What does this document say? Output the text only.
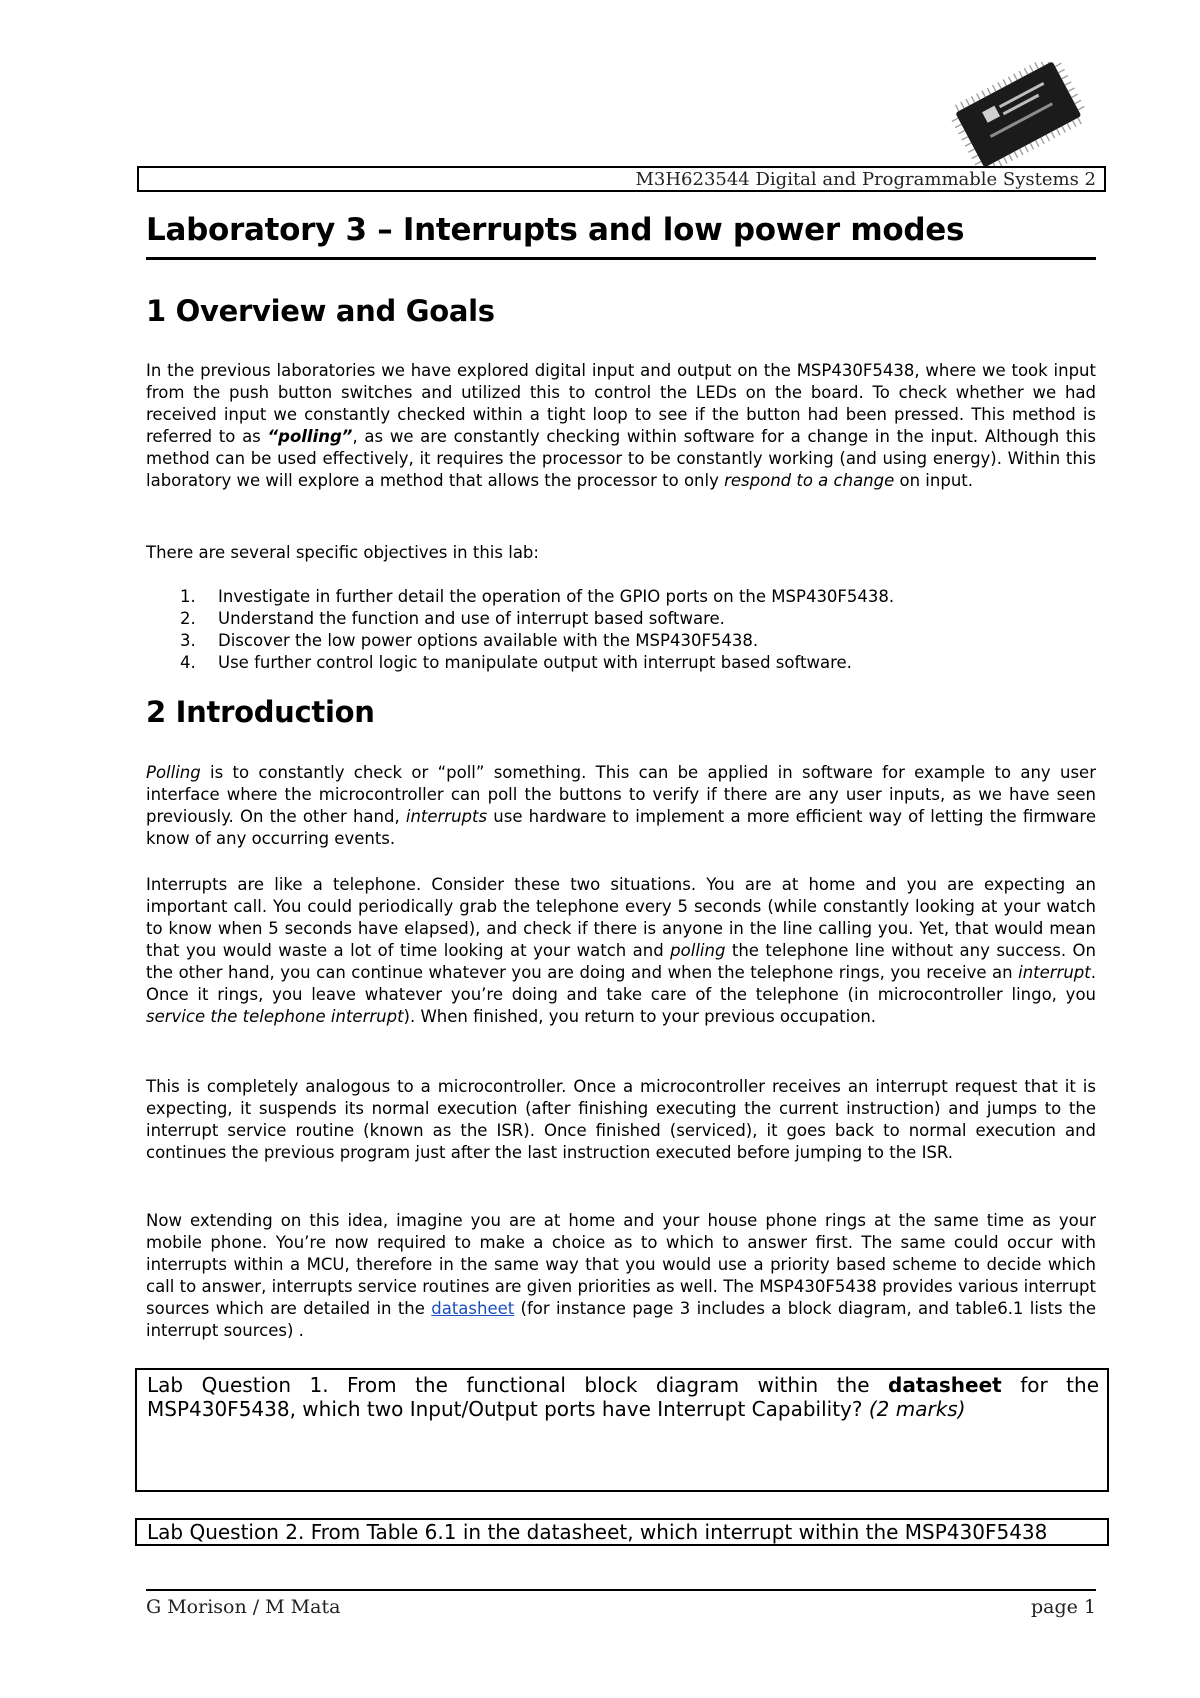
M3H623544 Digital and Programmable Systems 2
Laboratory 3 – Interrupts and low power modes
1 Overview and Goals

In the previous laboratories we have explored digital input and output on the MSP430F5438, where we took input from the push button switches and utilized this to control the LEDs on the board. To check whether we had received input we constantly checked within a tight loop to see if the button had been pressed. This method is referred to as “polling”, as we are constantly checking within software for a change in the input. Although this method can be used effectively, it requires the processor to be constantly working (and using energy). Within this laboratory we will explore a method that allows the processor to only respond to a change on input.

There are several specific objectives in this lab:

1. Investigate in further detail the operation of the GPIO ports on the MSP430F5438.
2. Understand the function and use of interrupt based software.
3. Discover the low power options available with the MSP430F5438.
4. Use further control logic to manipulate output with interrupt based software.
2 Introduction

Polling is to constantly check or “poll” something. This can be applied in software for example to any user interface where the microcontroller can poll the buttons to verify if there are any user inputs, as we have seen previously. On the other hand, interrupts use hardware to implement a more efficient way of letting the firmware know of any occurring events.

Interrupts are like a telephone. Consider these two situations. You are at home and you are expecting an important call. You could periodically grab the telephone every 5 seconds (while constantly looking at your watch to know when 5 seconds have elapsed), and check if there is anyone in the line calling you. Yet, that would mean that you would waste a lot of time looking at your watch and polling the telephone line without any success. On the other hand, you can continue whatever you are doing and when the telephone rings, you receive an interrupt. Once it rings, you leave whatever you’re doing and take care of the telephone (in microcontroller lingo, you service the telephone interrupt). When finished, you return to your previous occupation.

This is completely analogous to a microcontroller. Once a microcontroller receives an interrupt request that it is expecting, it suspends its normal execution (after finishing executing the current instruction) and jumps to the interrupt service routine (known as the ISR). Once finished (serviced), it goes back to normal execution and continues the previous program just after the last instruction executed before jumping to the ISR.

Now extending on this idea, imagine you are at home and your house phone rings at the same time as your mobile phone. You’re now required to make a choice as to which to answer first. The same could occur with interrupts within a MCU, therefore in the same way that you would use a priority based scheme to decide which call to answer, interrupts service routines are given priorities as well. The MSP430F5438 provides various interrupt sources which are detailed in the datasheet (for instance page 3 includes a block diagram, and table6.1 lists the interrupt sources) .

Lab Question 1. From the functional block diagram within the datasheet for the MSP430F5438, which two Input/Output ports have Interrupt Capability? (2 marks)
Lab Question 2. From Table 6.1 in the datasheet, which interrupt within the MSP430F5438
G Morison / M Mata	page 1
